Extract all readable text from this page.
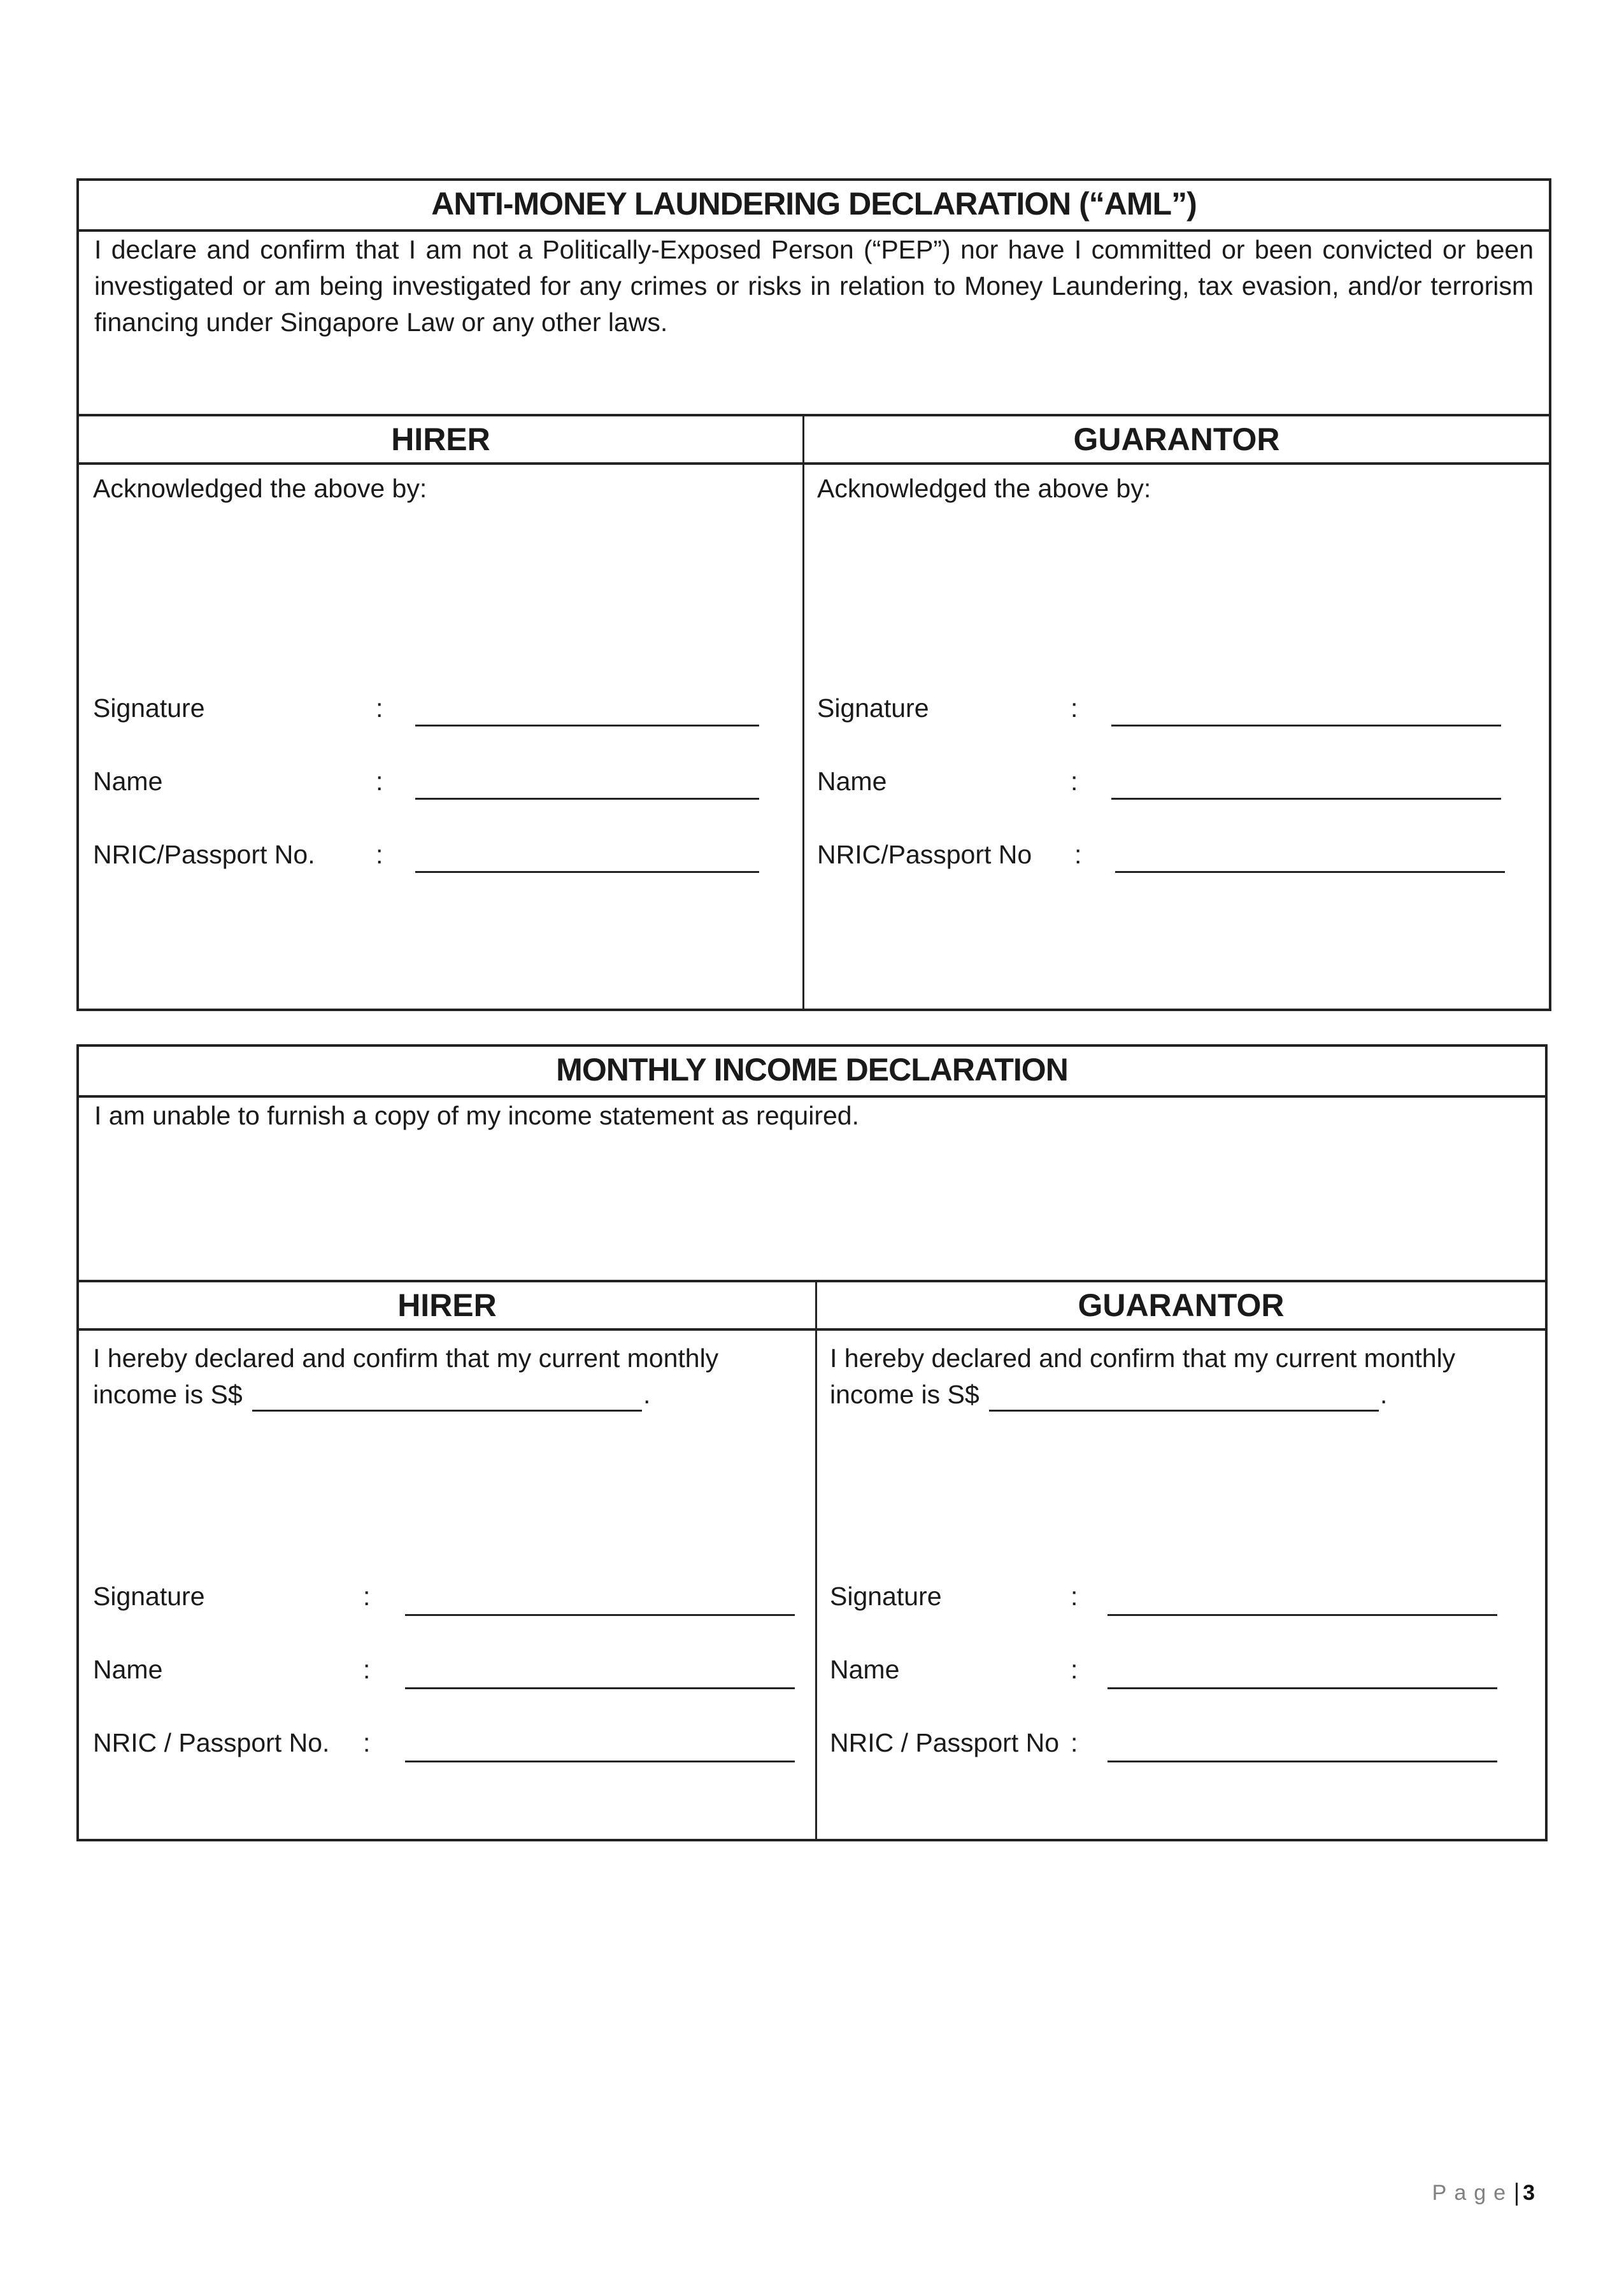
ANTI-MONEY LAUNDERING DECLARATION (“AML”)
I declare and confirm that I am not a Politically-Exposed Person (“PEP”) nor have I committed or been convicted or been investigated or am being investigated for any crimes or risks in relation to Money Laundering, tax evasion, and/or terrorism financing under Singapore Law or any other laws.
HIRER
Acknowledged the above by:
Signature	:
Name	:
NRIC/Passport No. :
GUARANTOR
Acknowledged the above by:
Signature	:
Name	:
NRIC/Passport No :
MONTHLY INCOME DECLARATION
I am unable to furnish a copy of my income statement as required.
HIRER
I hereby declared and confirm that my current monthly
income is S$	.
Signature	:
Name	:
NRIC / Passport No. :
GUARANTOR
I hereby declared and confirm that my current monthly
income is S$	.
Signature	:
Name	:
NRIC / Passport No :
Page 3
